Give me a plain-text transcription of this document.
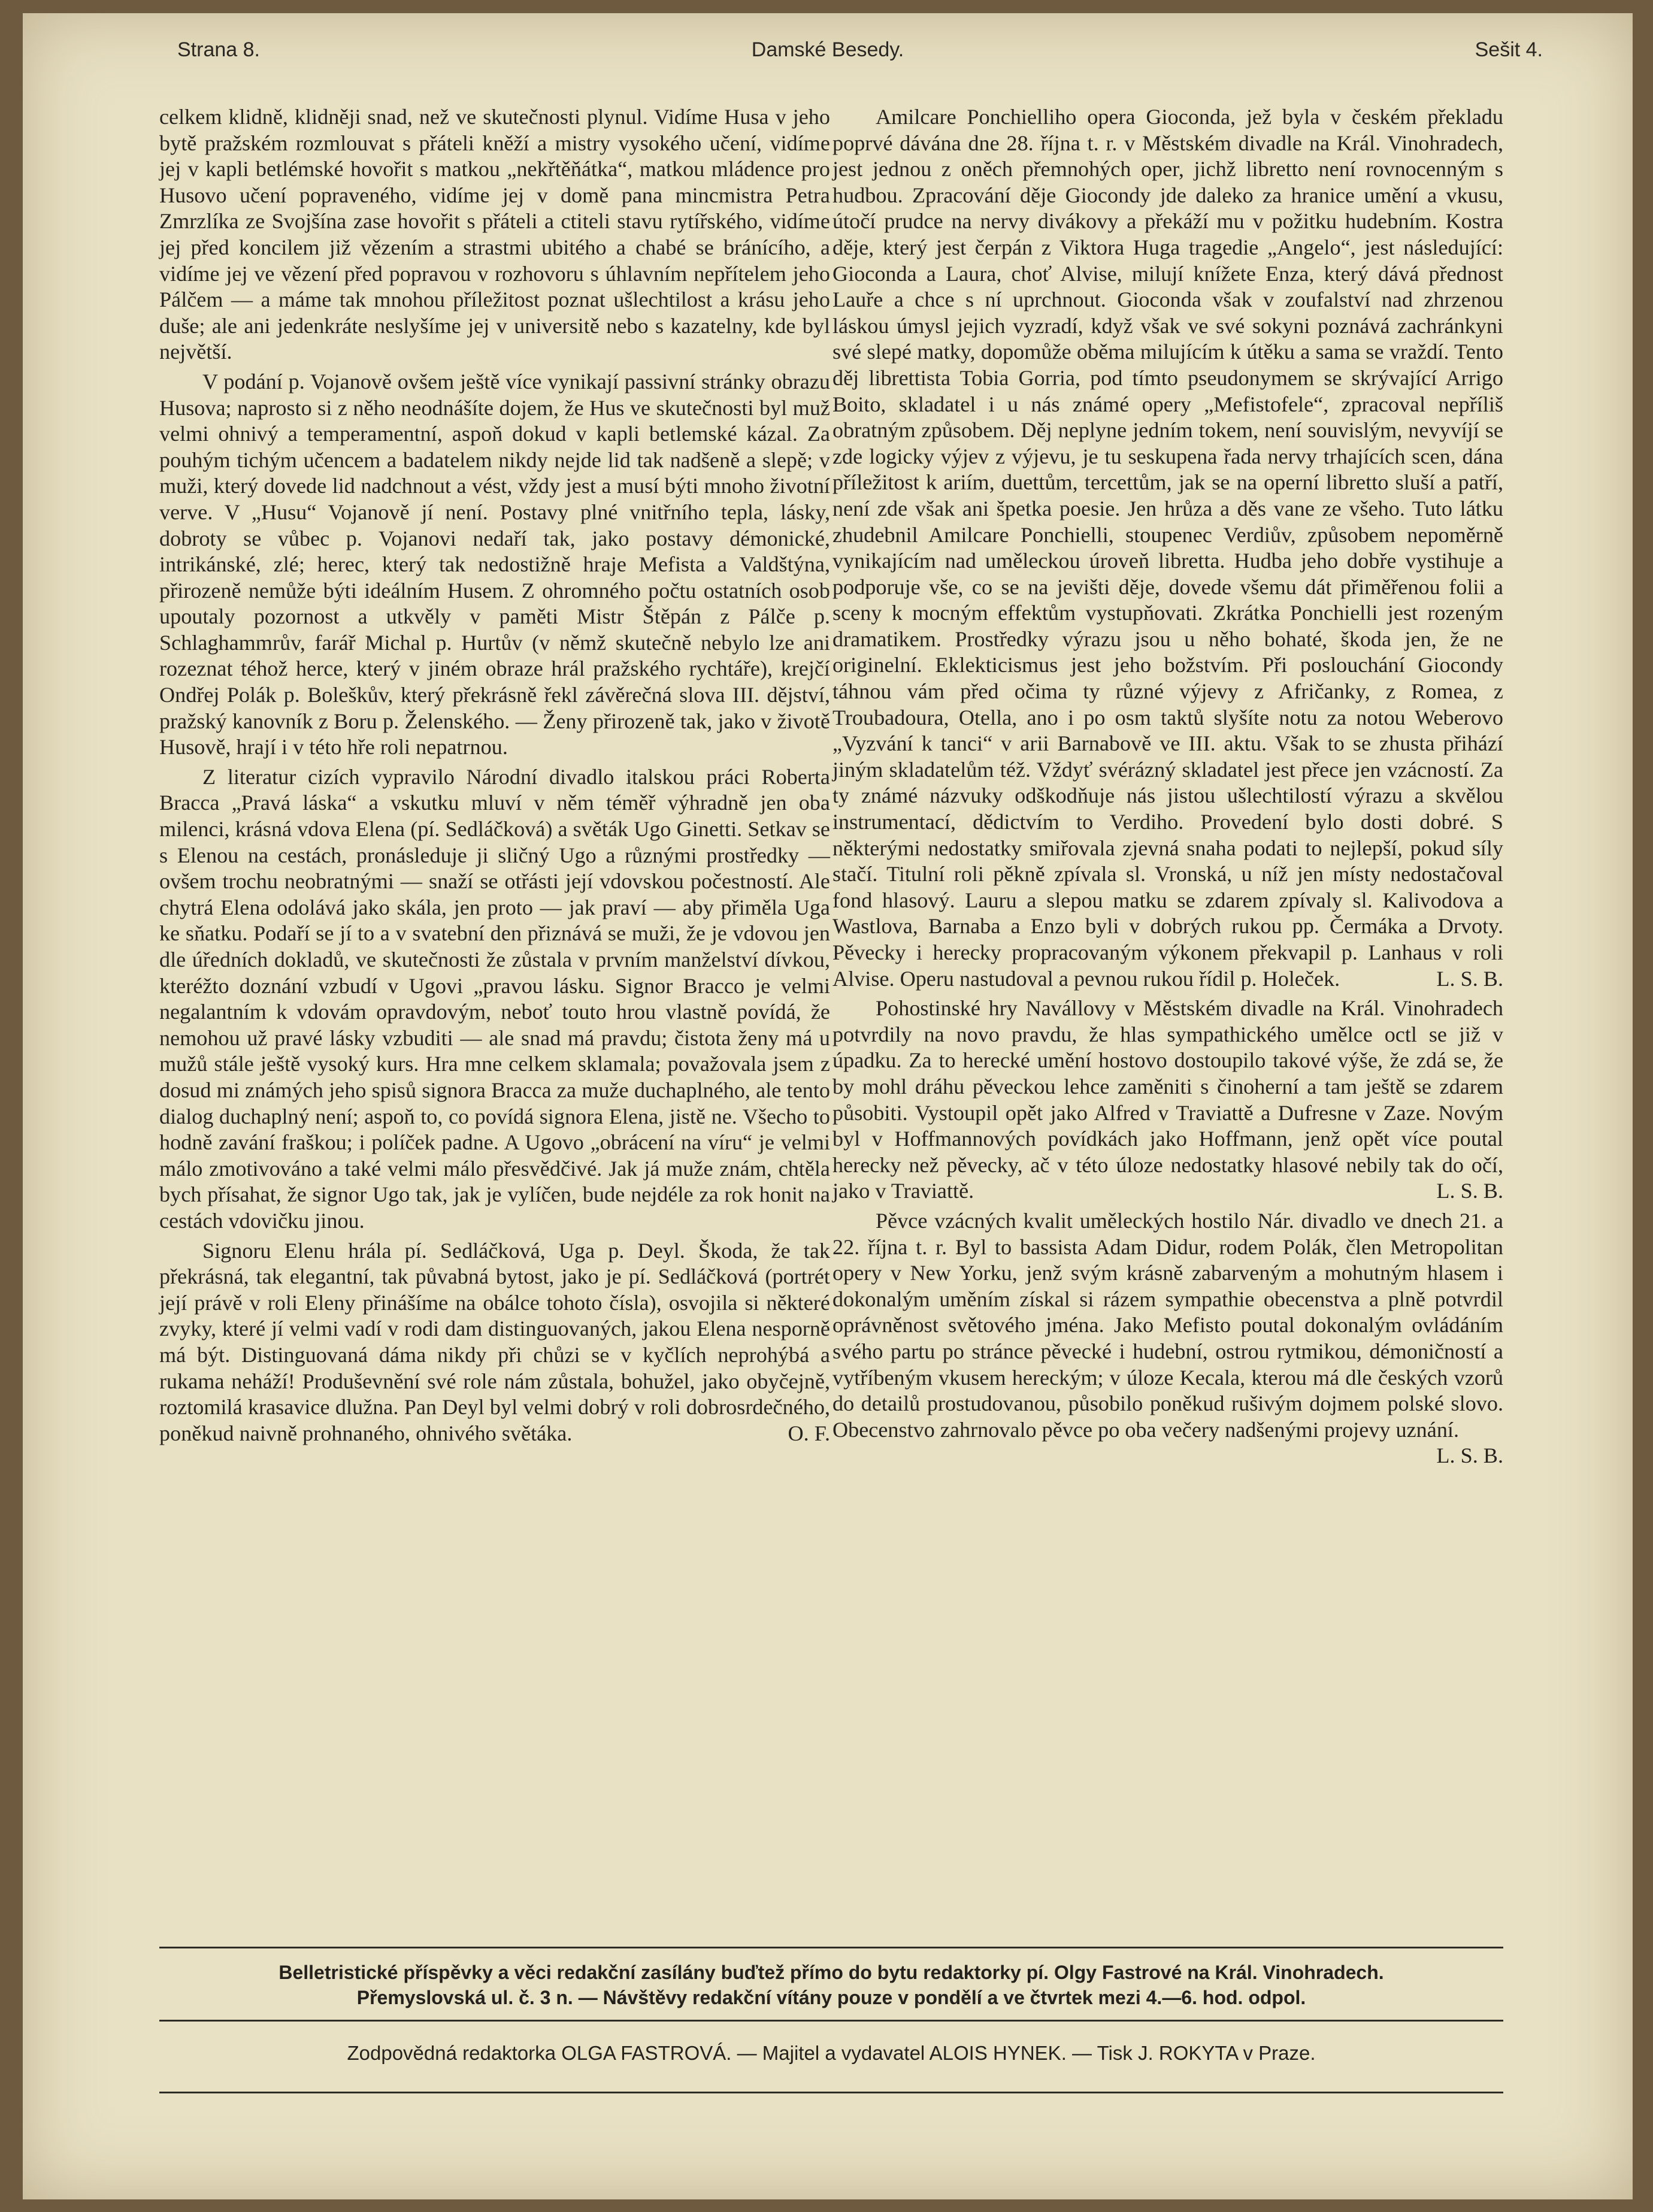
Strana 8.	Damské Besedy.	Sešit 4.

celkem klidně, klidněji snad, než ve skutečnosti plynul. Vidíme Husa v jeho bytě pražském rozmlouvat s přáteli kněží a mistry vysokého učení, vidíme jej v kapli betlémské hovořit s matkou „nekřtěňátka“, matkou mládence pro Husovo učení popraveného, vidíme jej v domě pana mincmistra Petra Zmrzlíka ze Svojšína zase hovořit s přáteli a ctiteli stavu rytířského, vidíme jej před koncilem již vězením a strastmi ubitého a chabé se bránícího, a vidíme jej ve vězení před popravou v rozhovoru s úhlavním nepřítelem jeho Pálčem — a máme tak mnohou příležitost poznat ušlechtilost a krásu jeho duše; ale ani jedenkráte neslyšíme jej v universitě nebo s kazatelny, kde byl největší.

V podání p. Vojanově ovšem ještě více vynikají passivní stránky obrazu Husova; naprosto si z něho neodnášíte dojem, že Hus ve skutečnosti byl muž velmi ohnivý a temperamentní, aspoň dokud v kapli betlemské kázal. Za pouhým tichým učencem a badatelem nikdy nejde lid tak nadšeně a slepě; v muži, který dovede lid nadchnout a vést, vždy jest a musí býti mnoho životní verve. V „Husu“ Vojanově jí není. Postavy plné vnitřního tepla, lásky, dobroty se vůbec p. Vojanovi nedaří tak, jako postavy démonické, intrikánské, zlé; herec, který tak nedostižně hraje Mefista a Valdštýna, přirozeně nemůže býti ideálním Husem. Z ohromného počtu ostatních osob upoutaly pozornost a utkvěly v paměti Mistr Štěpán z Pálče p. Schlaghammrův, farář Michal p. Hurtův (v němž skutečně nebylo lze ani rozeznat téhož herce, který v jiném obraze hrál pražského rychtáře), krejčí Ondřej Polák p. Boleškův, který překrásně řekl závěrečná slova III. dějství, pražský kanovník z Boru p. Želenského. — Ženy přirozeně tak, jako v životě Husově, hrají i v této hře roli nepatrnou.

Z literatur cizích vypravilo Národní divadlo italskou práci Roberta Bracca „Pravá láska“ a vskutku mluví v něm téměř výhradně jen oba milenci, krásná vdova Elena (pí. Sedláčková) a světák Ugo Ginetti. Setkav se s Elenou na cestách, pronásleduje ji sličný Ugo a různými prostředky — ovšem trochu neobratnými — snaží se otřásti její vdovskou počestností. Ale chytrá Elena odolává jako skála, jen proto — jak praví — aby přiměla Uga ke sňatku. Podaří se jí to a v svatební den přiznává se muži, že je vdovou jen dle úředních dokladů, ve skutečnosti že zůstala v prvním manželství dívkou, kteréžto doznání vzbudí v Ugovi „pravou lásku. Signor Bracco je velmi negalantním k vdovám opravdovým, neboť touto hrou vlastně povídá, že nemohou už pravé lásky vzbuditi — ale snad má pravdu; čistota ženy má u mužů stále ještě vysoký kurs. Hra mne celkem sklamala; považovala jsem z dosud mi známých jeho spisů signora Bracca za muže duchaplného, ale tento dialog duchaplný není; aspoň to, co povídá signora Elena, jistě ne. Všecho to hodně zavání fraškou; i políček padne. A Ugovo „obrácení na víru“ je velmi málo zmotivováno a také velmi málo přesvědčivé. Jak já muže znám, chtěla bych přísahat, že signor Ugo tak, jak je vylíčen, bude nejdéle za rok honit na cestách vdovičku jinou.

Signoru Elenu hrála pí. Sedláčková, Uga p. Deyl. Škoda, že tak překrásná, tak elegantní, tak půvabná bytost, jako je pí. Sedláčková (portrét její právě v roli Eleny přinášíme na obálce tohoto čísla), osvojila si některé zvyky, které jí velmi vadí v rodi dam distinguovaných, jakou Elena nesporně má být. Distinguovaná dáma nikdy při chůzi se v kyčlích neprohýbá a rukama neháží! Produševnění své role nám zůstala, bohužel, jako obyčejně, roztomilá krasavice dlužna. Pan Deyl byl velmi dobrý v roli dobrosrdečného, poněkud naivně prohnaného, ohnivého světáka.	O. F.

Amilcare Ponchielliho opera Gioconda, jež byla v českém překladu poprvé dávána dne 28. října t. r. v Městském divadle na Král. Vinohradech, jest jednou z oněch přemnohých oper, jichž libretto není rovnocenným s hudbou. Zpracování děje Giocondy jde daleko za hranice umění a vkusu, útočí prudce na nervy divákovy a překáží mu v požitku hudebním. Kostra děje, který jest čerpán z Viktora Huga tragedie „Angelo“, jest následující: Gioconda a Laura, choť Alvise, milují knížete Enza, který dává přednost Lauře a chce s ní uprchnout. Gioconda však v zoufalství nad zhrzenou láskou úmysl jejich vyzradí, když však ve své sokyni poznává zachránkyni své slepé matky, dopomůže oběma milujícím k útěku a sama se vraždí. Tento děj librettista Tobia Gorria, pod tímto pseudonymem se skrývající Arrigo Boito, skladatel i u nás známé opery „Mefistofele“, zpracoval nepříliš obratným způsobem. Děj neplyne jedním tokem, není souvislým, nevyvíjí se zde logicky výjev z výjevu, je tu seskupena řada nervy trhajících scen, dána příležitost k ariím, duettům, tercettům, jak se na operní libretto sluší a patří, není zde však ani špetka poesie. Jen hrůza a děs vane ze všeho. Tuto látku zhudebnil Amilcare Ponchielli, stoupenec Verdiův, způsobem nepoměrně vynikajícím nad uměleckou úroveň libretta. Hudba jeho dobře vystihuje a podporuje vše, co se na jevišti děje, dovede všemu dát přiměřenou folii a sceny k mocným effektům vystupňovati. Zkrátka Ponchielli jest rozeným dramatikem. Prostředky výrazu jsou u něho bohaté, škoda jen, že ne originelní. Eklekticismus jest jeho božstvím. Při poslouchání Giocondy táhnou vám před očima ty různé výjevy z Afričanky, z Romea, z Troubadoura, Otella, ano i po osm taktů slyšíte notu za notou Weberovo „Vyzvání k tanci“ v arii Barnabově ve III. aktu. Však to se zhusta přihází jiným skladatelům též. Vždyť svérázný skladatel jest přece jen vzácností. Za ty známé názvuky odškodňuje nás jistou ušlechtilostí výrazu a skvělou instrumentací, dědictvím to Verdiho. Provedení bylo dosti dobré. S některými nedostatky smiřovala zjevná snaha podati to nejlepší, pokud síly stačí. Titulní roli pěkně zpívala sl. Vronská, u níž jen místy nedostačoval fond hlasový. Lauru a slepou matku se zdarem zpívaly sl. Kalivodova a Wastlova, Barnaba a Enzo byli v dobrých rukou pp. Čermáka a Drvoty. Pěvecky i herecky propracovaným výkonem překvapil p. Lanhaus v roli Alvise. Operu nastudoval a pevnou rukou řídil p. Holeček.	L. S. B.

Pohostinské hry Navállovy v Městském divadle na Král. Vinohradech potvrdily na novo pravdu, že hlas sympathického umělce octl se již v úpadku. Za to herecké umění hostovo dostoupilo takové výše, že zdá se, že by mohl dráhu pěveckou lehce zaměniti s činoherní a tam ještě se zdarem působiti. Vystoupil opět jako Alfred v Traviattě a Dufresne v Zaze. Novým byl v Hoffmannových povídkách jako Hoffmann, jenž opět více poutal herecky než pěvecky, ač v této úloze nedostatky hlasové nebily tak do očí, jako v Traviattě.	L. S. B.

Pěvce vzácných kvalit uměleckých hostilo Nár. divadlo ve dnech 21. a 22. října t. r. Byl to bassista Adam Didur, rodem Polák, člen Metropolitan opery v New Yorku, jenž svým krásně zabarveným a mohutným hlasem i dokonalým uměním získal si rázem sympathie obecenstva a plně potvrdil oprávněnost světového jména. Jako Mefisto poutal dokonalým ovládáním svého partu po stránce pěvecké i hudební, ostrou rytmikou, démoničností a vytříbeným vkusem hereckým; v úloze Kecala, kterou má dle českých vzorů do detailů prostudovanou, působilo poněkud rušivým dojmem polské slovo. Obecenstvo zahrnovalo pěvce po oba večery nadšenými projevy uznání.
L. S. B.

Belletristické příspěvky a věci redakční zasílány buďtež přímo do bytu redaktorky pí. Olgy Fastrové na Král. Vinohradech.
Přemyslovská ul. č. 3 n. — Návštěvy redakční vítány pouze v pondělí a ve čtvrtek mezi 4.—6. hod. odpol.
Zodpovědná redaktorka OLGA FASTROVÁ. — Majitel a vydavatel ALOIS HYNEK. — Tisk J. ROKYTA v Praze.
